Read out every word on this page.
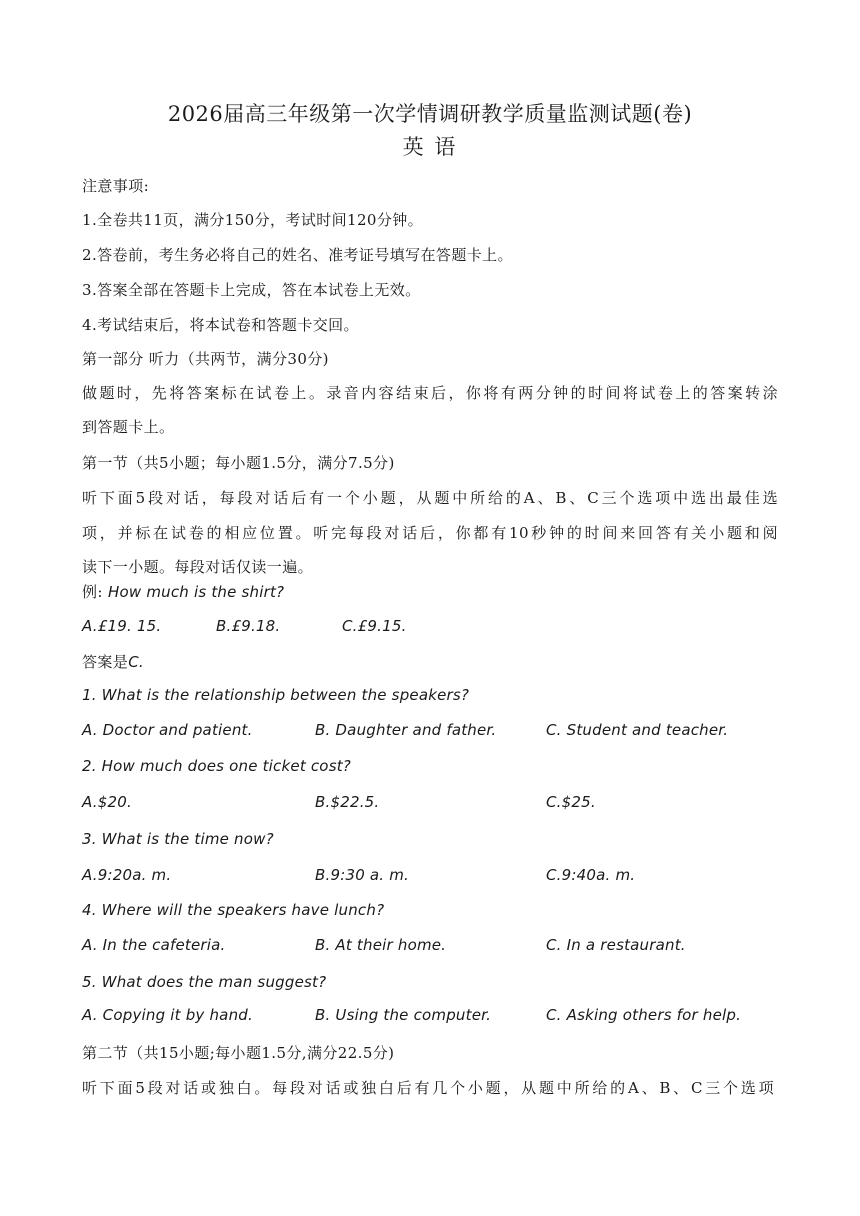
2026届高三年级第一次学情调研教学质量监测试题(卷)
英 语
注意事项:
1.全卷共11页，满分150分，考试时间120分钟。
2.答卷前，考生务必将自己的姓名、准考证号填写在答题卡上。
3.答案全部在答题卡上完成，答在本试卷上无效。
4.考试结束后，将本试卷和答题卡交回。
第一部分 听力（共两节，满分30分)
做题时，先将答案标在试卷上。录音内容结束后，你将有两分钟的时间将试卷上的答案转涂
到答题卡上。
第一节（共5小题；每小题1.5分，满分7.5分)
听下面5段对话，每段对话后有一个小题，从题中所给的A、B、C三个选项中选出最佳选
项，并标在试卷的相应位置。听完每段对话后，你都有10秒钟的时间来回答有关小题和阅
读下一小题。每段对话仅读一遍。
例: How much is the shirt?
A.£19. 15.	B.£9.18.	C.£9.15.
答案是C.
1. What is the relationship between the speakers?
A. Doctor and patient.	B. Daughter and father.	C. Student and teacher.
2. How much does one ticket cost?
A.$20.	B.$22.5.	C.$25.
3. What is the time now?
A.9:20a. m.	B.9:30 a. m.	C.9:40a. m.
4. Where will the speakers have lunch?
A. In the cafeteria.	B. At their home.	C. In a restaurant.
5. What does the man suggest?
A. Copying it by hand.	B. Using the computer.	C. Asking others for help.
第二节（共15小题;每小题1.5分,满分22.5分)
听下面5段对话或独白。每段对话或独白后有几个小题，从题中所给的A、B、C三个选项
